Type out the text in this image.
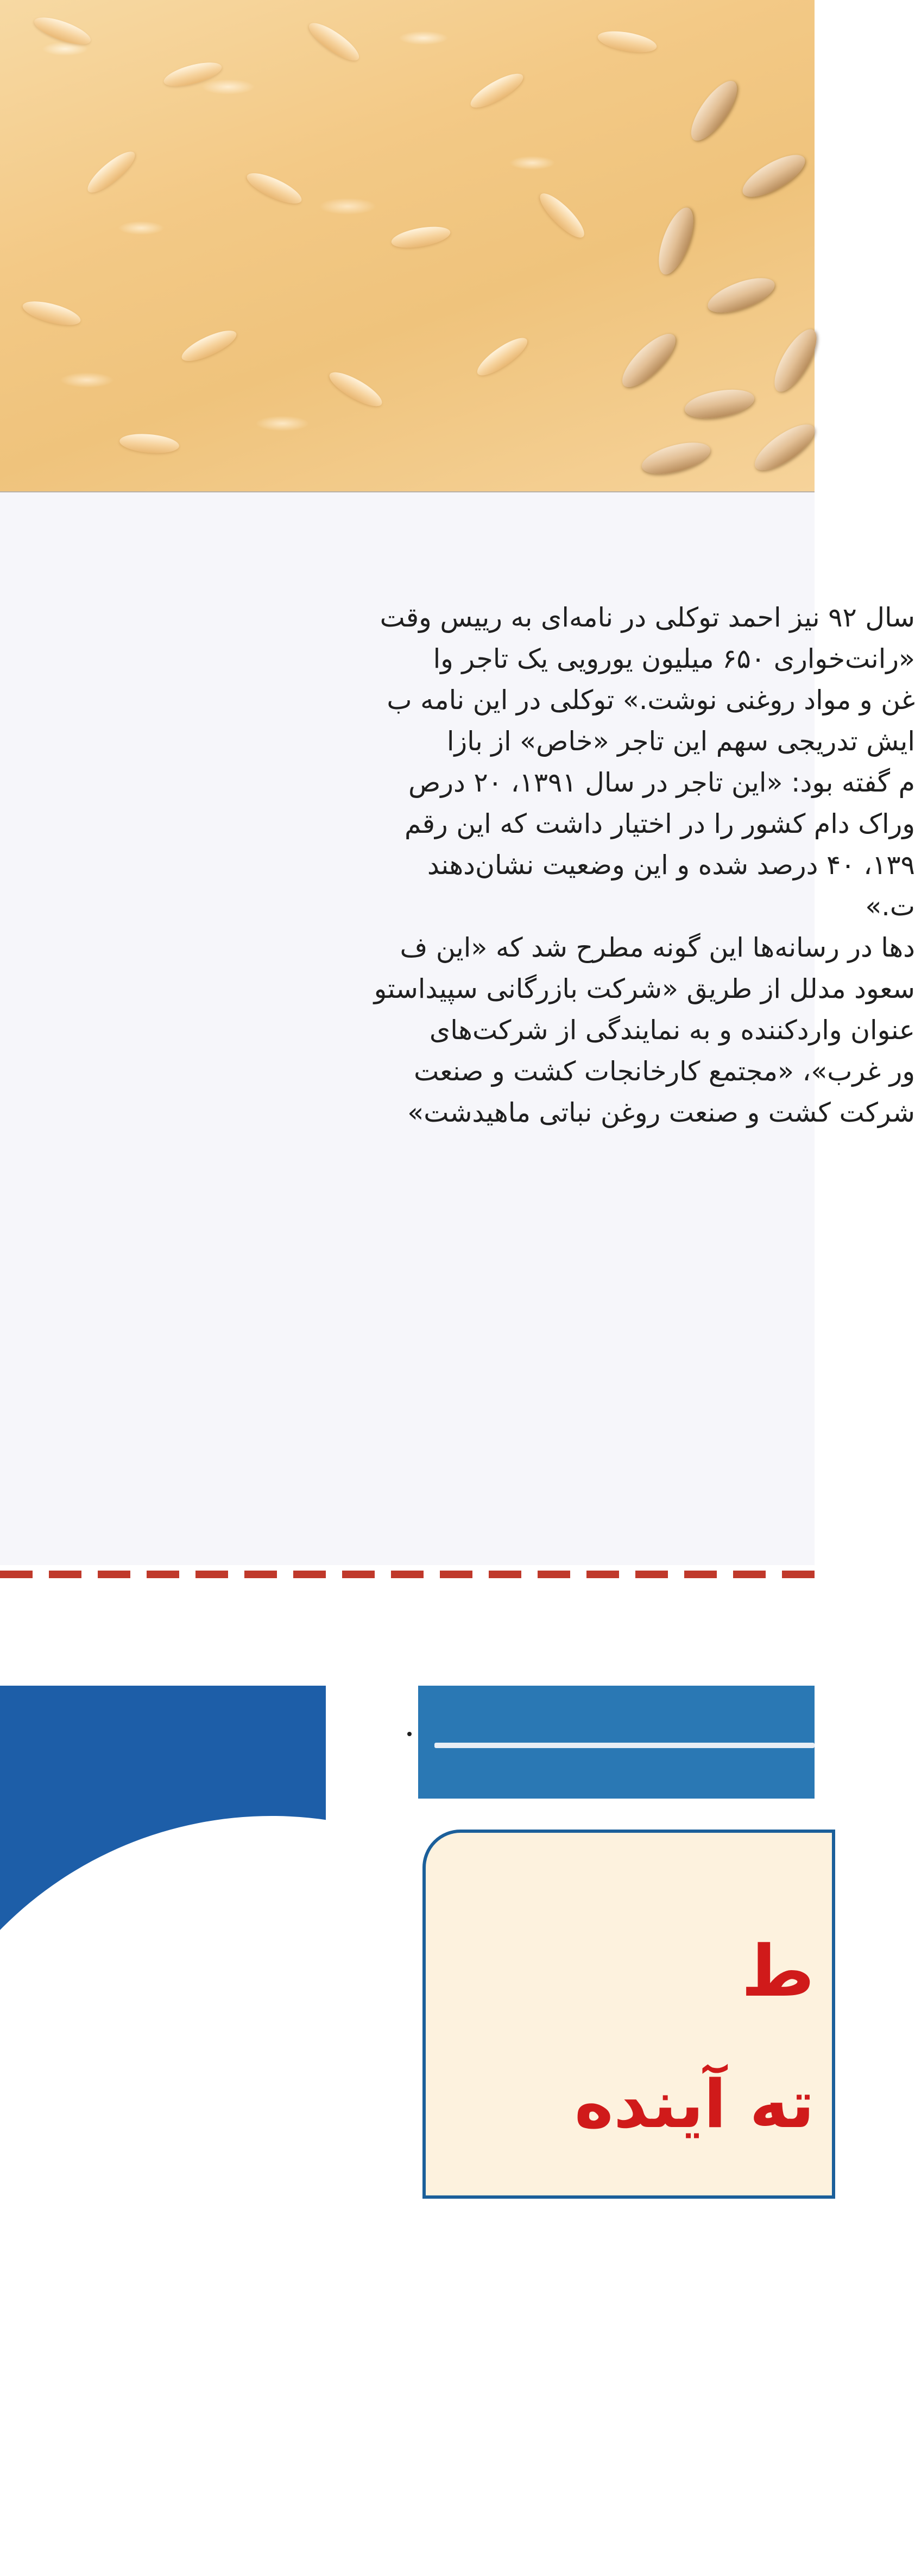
سال ۹۲ نیز احمد توکلی در نامه‌ای به رییس وقت
«رانت‌خواری ۶۵۰ میلیون یورویی یک تاجر وا
غن و مواد روغنی نوشت.» توکلی در این نامه ب
ایش تدریجی سهم این تاجر «خاص» از بازا
م گفته بود: «این تاجر در سال ۱۳۹۱، ۲۰ درص
وراک دام کشور را در اختیار داشت که این رقم
۱۳۹، ۴۰ درصد شده و این وضعیت نشان‌دهند
ت.»
دها در رسانه‌ها این گونه مطرح شد که «این ف
سعود مدلل از طریق «شرکت بازرگانی سپیداستو
عنوان واردکننده و به نمایندگی از شرکت‌های
ور غرب»، «مجتمع کارخانجات کشت و صنعت
شرکت کشت و صنعت روغن نباتی ماهیدشت»
ط
ته آینده
